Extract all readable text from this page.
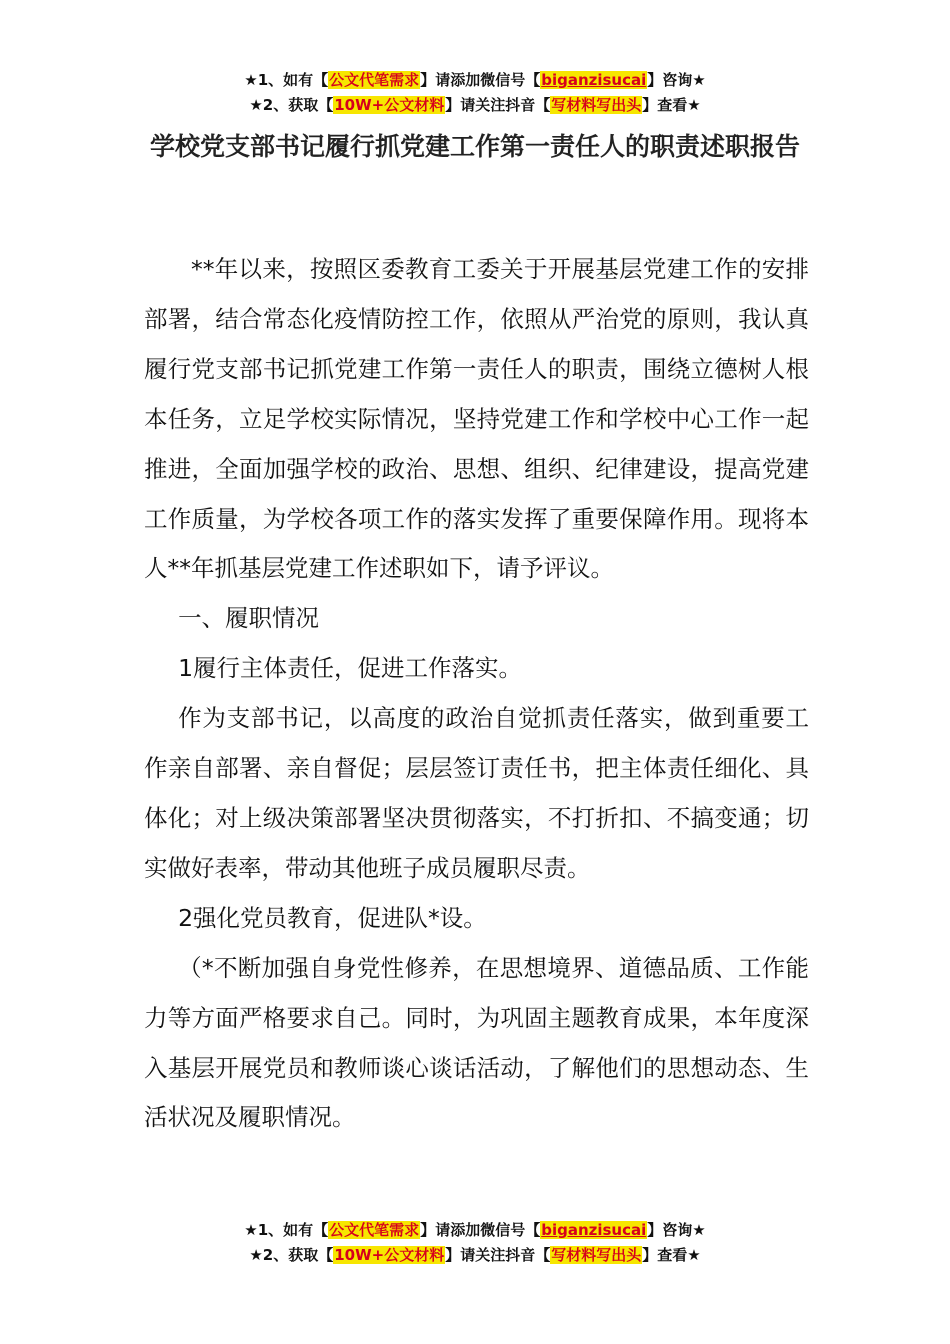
★1、如有【公文代笔需求】请添加微信号【biganzisucai】咨询★
★2、获取【10W+公文材料】请关注抖音【写材料写出头】查看★
学校党支部书记履行抓党建工作第一责任人的职责述职报告

**年以来，按照区委教育工委关于开展基层党建工作的安排部署，结合常态化疫情防控工作，依照从严治党的原则，我认真履行党支部书记抓党建工作第一责任人的职责，围绕立德树人根本任务，立足学校实际情况，坚持党建工作和学校中心工作一起推进，全面加强学校的政治、思想、组织、纪律建设，提高党建工作质量，为学校各项工作的落实发挥了重要保障作用。现将本人**年抓基层党建工作述职如下，请予评议。

一、履职情况

1履行主体责任，促进工作落实。

作为支部书记，以高度的政治自觉抓责任落实，做到重要工作亲自部署、亲自督促；层层签订责任书，把主体责任细化、具体化；对上级决策部署坚决贯彻落实，不打折扣、不搞变通；切实做好表率，带动其他班子成员履职尽责。

2强化党员教育，促进队*设。

（*不断加强自身党性修养，在思想境界、道德品质、工作能力等方面严格要求自己。同时，为巩固主题教育成果，本年度深入基层开展党员和教师谈心谈话活动，了解他们的思想动态、生活状况及履职情况。

★1、如有【公文代笔需求】请添加微信号【biganzisucai】咨询★
★2、获取【10W+公文材料】请关注抖音【写材料写出头】查看★
